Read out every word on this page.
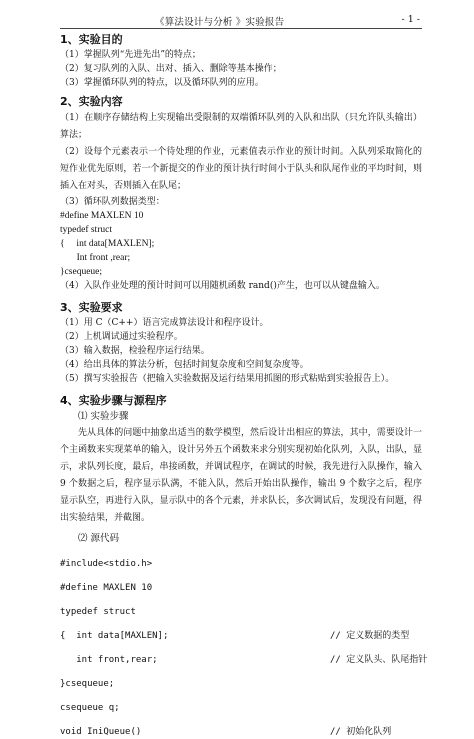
《算法设计与分析 》实验报告	- 1 -

1、实验目的

（1）掌握队列“先进先出”的特点；

（2）复习队列的入队、出对、插入、删除等基本操作；

（3）掌握循环队列的特点，以及循环队列的应用。

2、实验内容

（1）在顺序存储结构上实现输出受限制的双端循环队列的入队和出队（只允许队头输出）算法；

（2）设每个元素表示一个待处理的作业，元素值表示作业的预计时间。入队列采取简化的短作业优先原则，若一个新提交的作业的预计执行时间小于队头和队尾作业的平均时间，则插入在对头，否则插入在队尾；

（3）循环队列数据类型：

#define MAXLEN 10

typedef struct

{     int data[MAXLEN];

Int front ,rear;

}csequeue;

（4）入队作业处理的预计时间可以用随机函数 rand()产生，也可以从键盘输入。

3、实验要求

（1）用 C（C++）语言完成算法设计和程序设计。

（2）上机调试通过实验程序。

（3）输入数据，检验程序运行结果。

（4）给出具体的算法分析，包括时间复杂度和空间复杂度等。

（5）撰写实验报告（把输入实验数据及运行结果用抓图的形式粘贴到实验报告上）。

4、实验步骤与源程序

⑴ 实验步骤

先从具体的问题中抽象出适当的数学模型，然后设计出相应的算法，其中，需要设计一个主函数来实现菜单的输入，设计另外五个函数来求分别实现初始化队列，入队，出队，显示，求队列长度，最后，串接函数，并调试程序，在调试的时候，我先进行入队操作，输入 9 个数据之后，程序显示队满，不能入队，然后开始出队操作，输出 9 个数字之后，程序显示队空，再进行入队，显示队中的各个元素，并求队长，多次调试后，发现没有问题，得出实验结果，并截图。

⑵ 源代码

#include<stdio.h>

#define MAXLEN 10

typedef struct

{  int data[MAXLEN];	// 定义数据的类型

int front,rear;	// 定义队头、队尾指针

}csequeue;

csequeue q;

void IniQueue()	// 初始化队列
